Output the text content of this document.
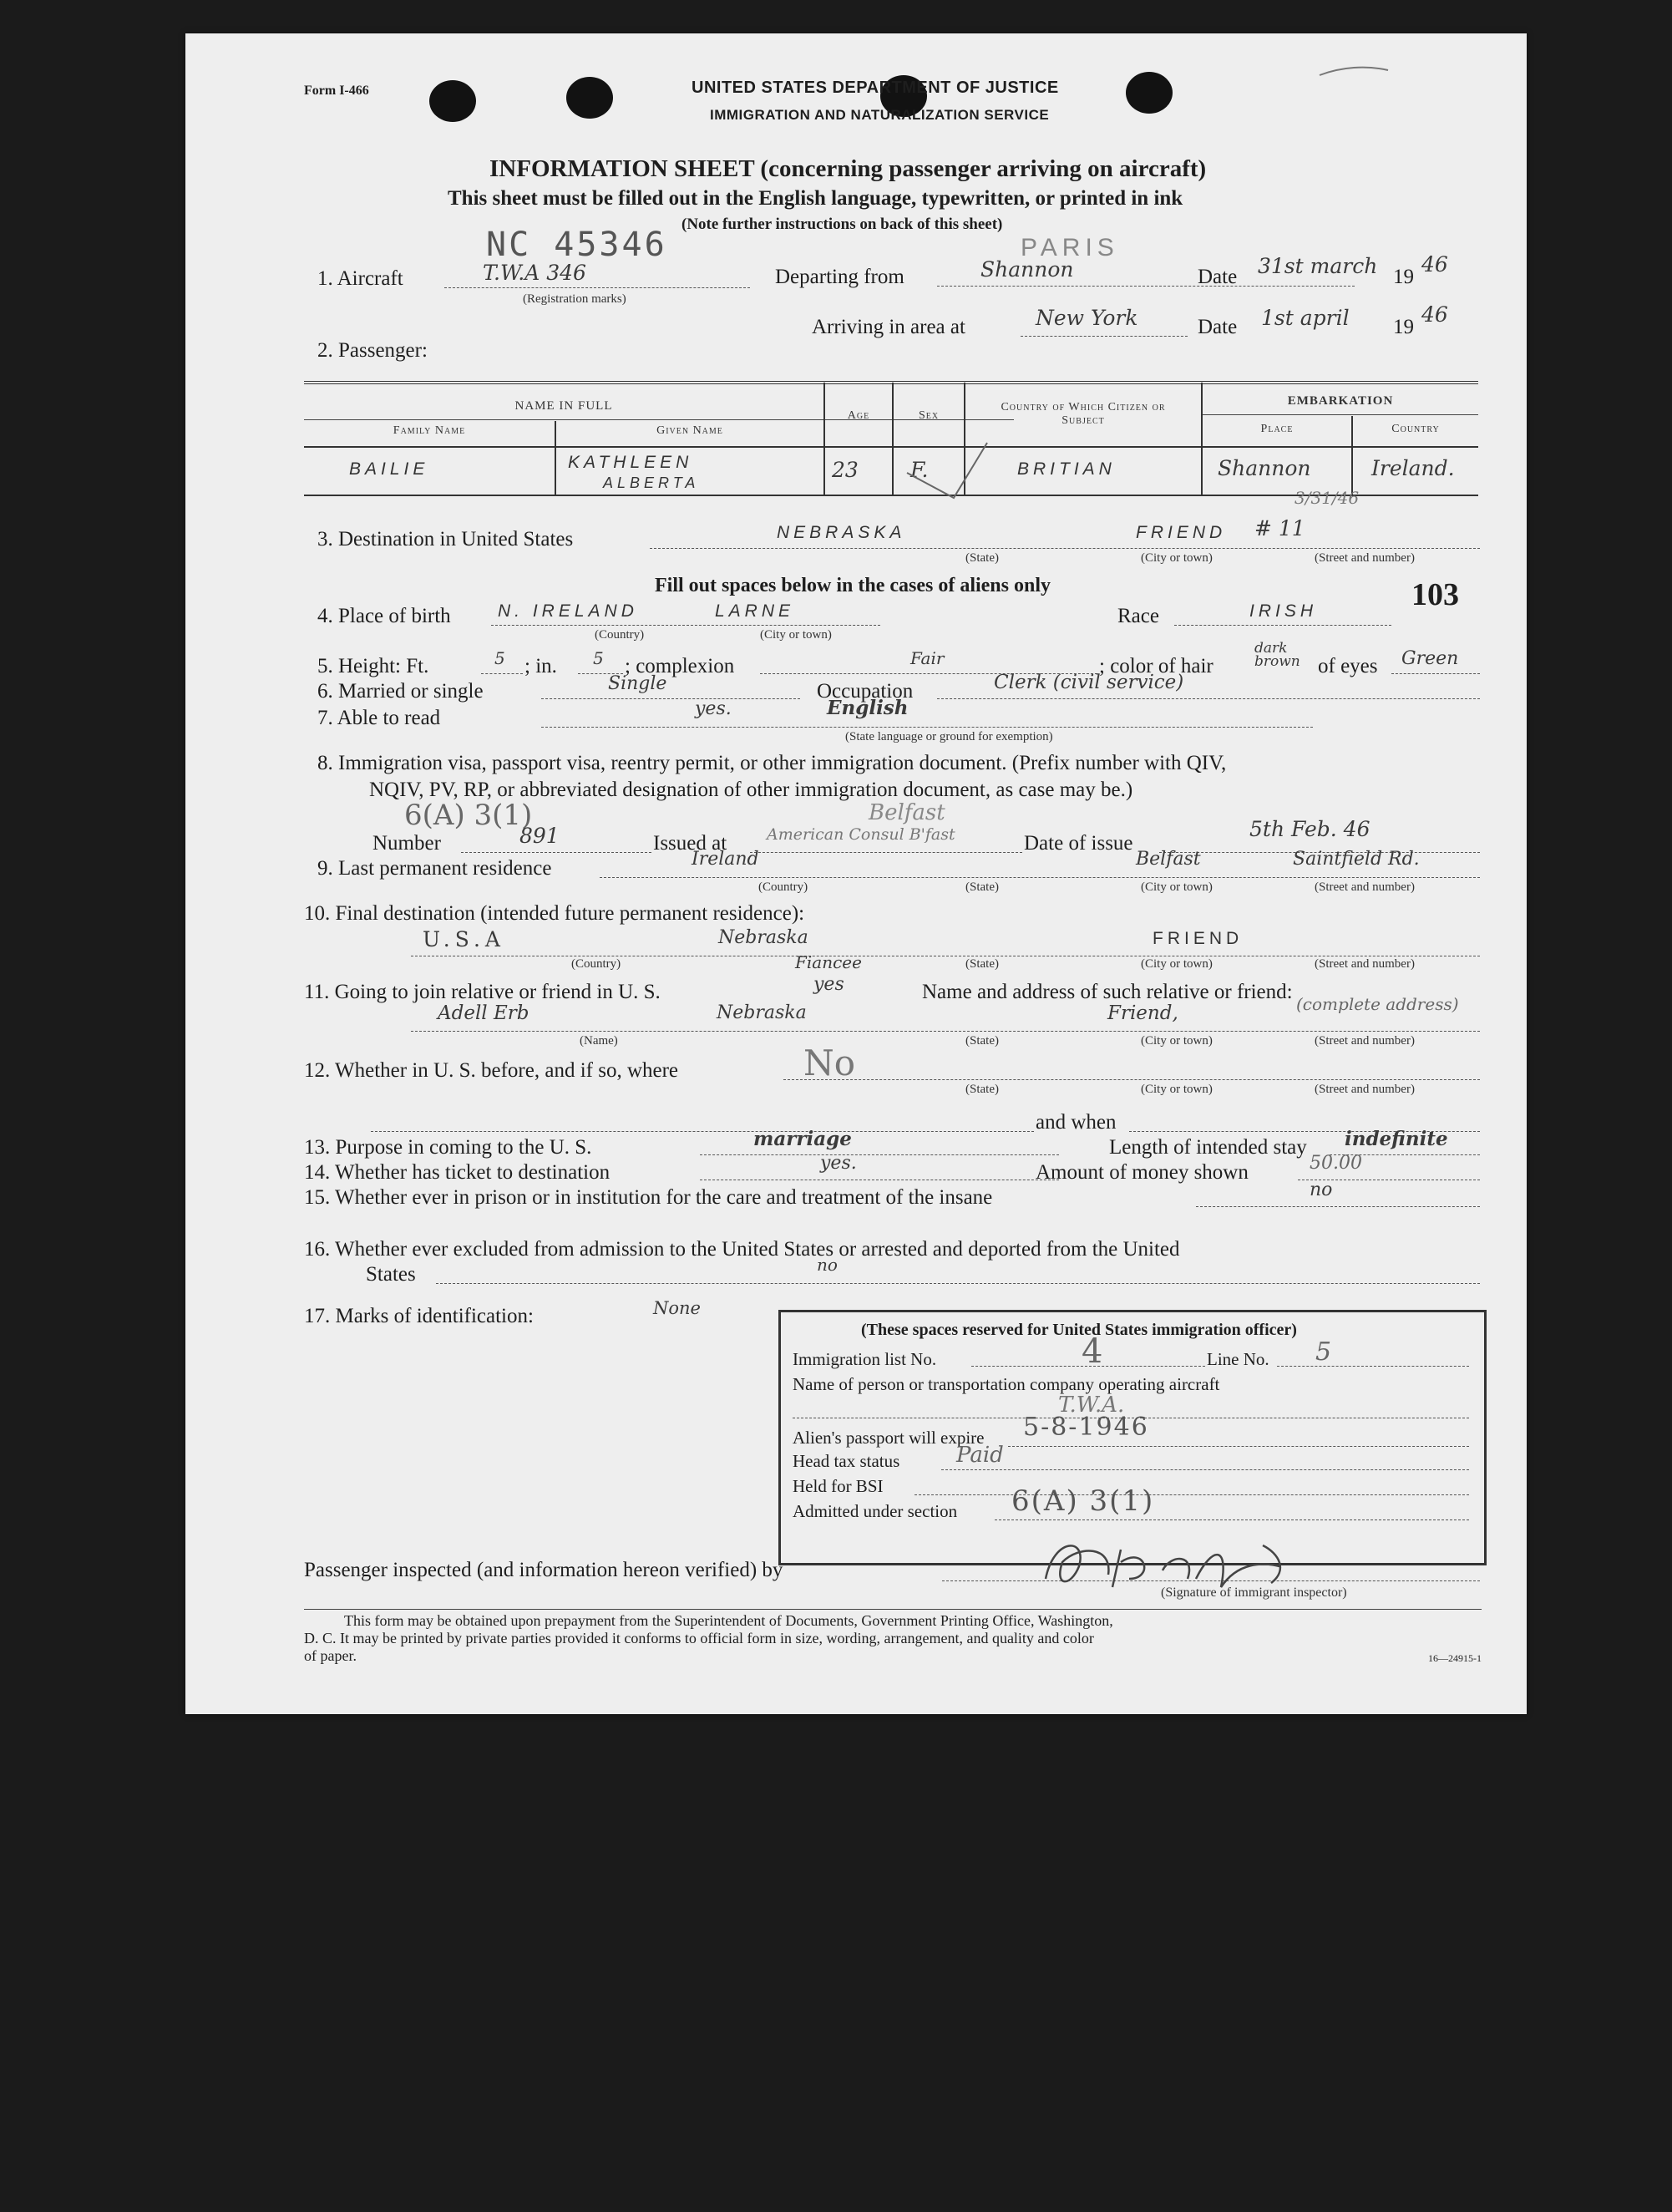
Form I-466	UNITED STATES DEPARTMENT OF JUSTICE
IMMIGRATION AND NATURALIZATION SERVICE
INFORMATION SHEET (concerning passenger arriving on aircraft)
This sheet must be filled out in the English language, typewritten, or printed in ink
(Note further instructions on back of this sheet)
NC 45346
1. Aircraft	T.W.A 346
(Registration marks)
Departing from	Shannon
PARIS
Date 31st march 19
46
Arriving in area at	New York	Date 1st april 19
46
2. Passenger:
NAME IN FULL
Family Name	Given Name
Age	Sex
Country of Which Citizen or Subject
EMBARKATION
Place	Country
BAILIE	KATHLEEN
ALBERTA
23 F.	BRITIAN	Shannon	Ireland.
3/31/46
3. Destination in United States	NEBRASKA	FRIEND # 11
(State)	(City or town)	(Street and number)
Fill out spaces below in the cases of aliens only	103
4. Place of birth	N. IRELAND	LARNE
(Country)	(City or town)
Race	IRISH
5. Height: Ft.	5 ; in. 5 ; complexion	Fair	; color of hair
dark brown of eyes Green
6. Married or single	Single	Occupation	Clerk (civil service)
7. Able to read	yes.	English
(State language or ground for exemption)
8. Immigration visa, passport visa, reentry permit, or other immigration document. (Prefix number with QIV,
NQIV, PV, RP, or abbreviated designation of other immigration document, as case may be.)
6(A) 3(1)
Number	891	Issued at	American Consul B'fast
Belfast
Date of issue
5th Feb. 46
9. Last permanent residence	Ireland	Belfast	Saintfield Rd.
(Country)	(State)	(City or town)	(Street and number)
10. Final destination (intended future permanent residence):
U.S.A	Nebraska	FRIEND
(Country)	(State)	(City or town)	(Street and number)
11. Going to join relative or friend in U. S.	yes
Fiancee
Name and address of such relative or friend:
Adell Erb	Nebraska	Friend,	(complete address)
(Name)	(State)	(City or town)	(Street and number)
12. Whether in U. S. before, and if so, where	No
(State)	(City or town)	(Street and number)
and when
13. Purpose in coming to the U. S.	marriage	Length of intended stay indefinite
14. Whether has ticket to destination	yes.	Amount of money shown	50.00
15. Whether ever in prison or in institution for the care and treatment of the insane	no
16. Whether ever excluded from admission to the United States or arrested and deported from the United
States	no
17. Marks of identification:	None
(These spaces reserved for United States immigration officer)
Immigration list No.	4	Line No. 5
Name of person or transportation company operating aircraft
T.W.A.
Alien's passport will expire 5-8-1946
Head tax status	Paid
Held for BSI
Admitted under section 6(A) 3(1)
Passenger inspected (and information hereon verified) by
(Signature of immigrant inspector)
This form may be obtained upon prepayment from the Superintendent of Documents, Government Printing Office, Washington,
D. C. It may be printed by private parties provided it conforms to official form in size, wording, arrangement, and quality and color
of paper.	16—24915-1
